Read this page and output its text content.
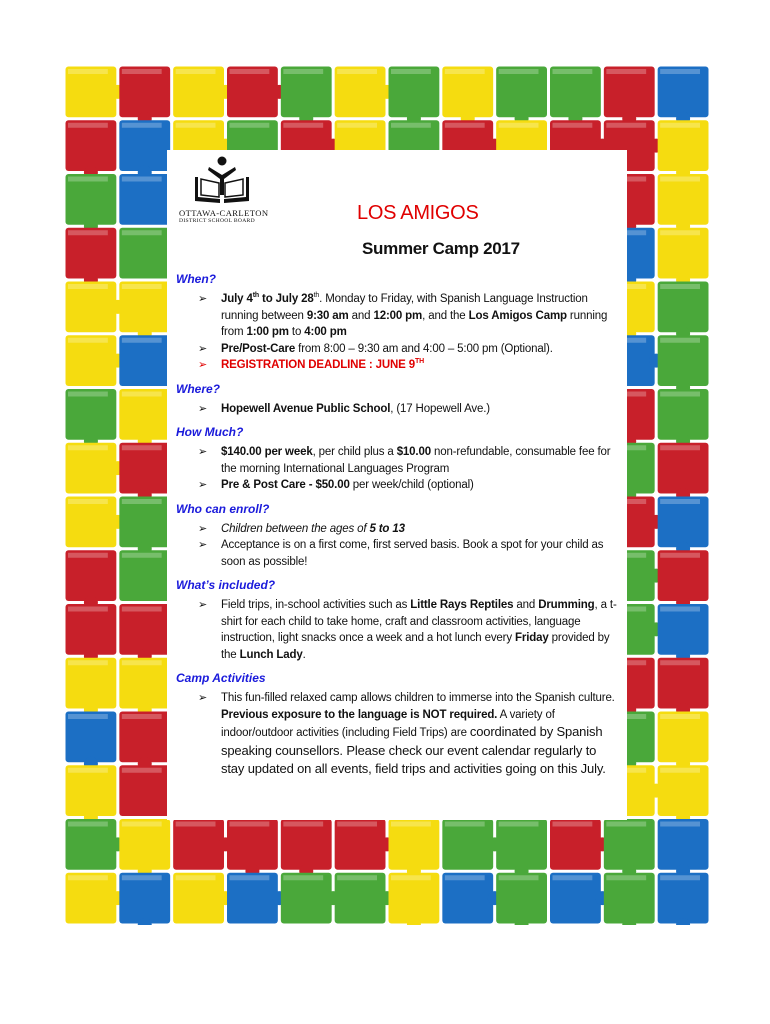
OTTAWA-CARLETON
DISTRICT SCHOOL BOARD	LOS AMIGOS
Summer Camp 2017

When?

➢ July 4th to July 28th. Monday to Friday, with Spanish Language Instruction running between 9:30 am and 12:00 pm, and the Los Amigos Camp running from 1:00 pm to 4:00 pm
➢ Pre/Post-Care from 8:00 – 9:30 am and 4:00 – 5:00 pm (Optional).
➢ REGISTRATION DEADLINE : JUNE 9TH

Where?

➢ Hopewell Avenue Public School, (17 Hopewell Ave.)

How Much?

➢ $140.00 per week, per child plus a $10.00 non-refundable, consumable fee for the morning International Languages Program
➢ Pre & Post Care - $50.00 per week/child (optional)

Who can enroll?

➢ Children between the ages of 5 to 13
➢ Acceptance is on a first come, first served basis. Book a spot for your child as soon as possible!

What’s included?

➢ Field trips, in-school activities such as Little Rays Reptiles and Drumming, a t-shirt for each child to take home, craft and classroom activities, language instruction, light snacks once a week and a hot lunch every Friday provided by the Lunch Lady.

Camp Activities

➢ This fun-filled relaxed camp allows children to immerse into the Spanish culture. Previous exposure to the language is NOT required. A variety of indoor/outdoor activities (including Field Trips) are coordinated by Spanish speaking counsellors. Please check our event calendar regularly to stay updated on all events, field trips and activities going on this July.
